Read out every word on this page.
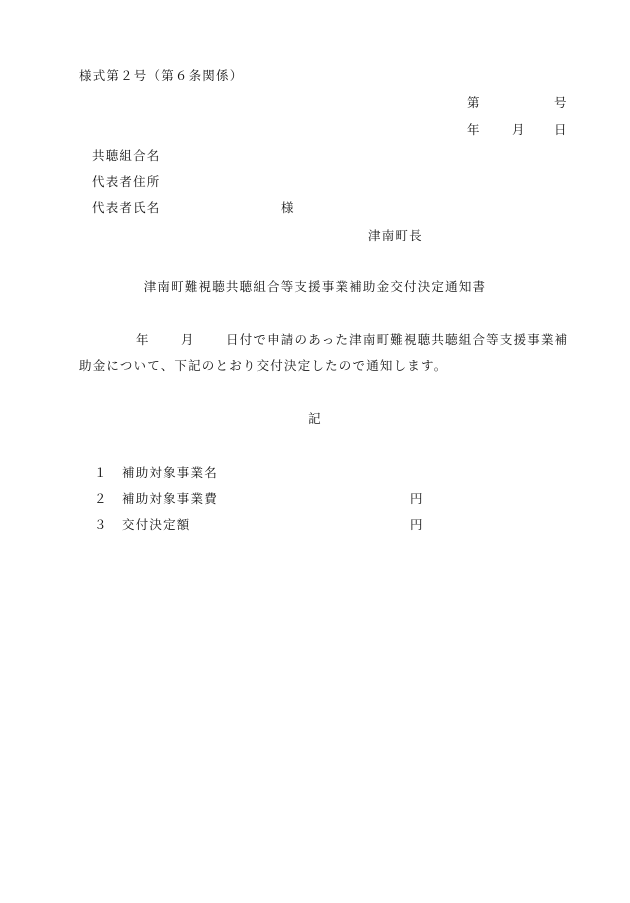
様式第２号（第６条関係）
第	号
年	月 日
共聴組合名
代表者住所
代表者氏名	様
津南町長
津南町難視聴共聴組合等支援事業補助金交付決定通知書
年	月	日付で申請のあった津南町難視聴共聴組合等支援事業補
助金について、下記のとおり交付決定したので通知します。
記
１ 補助対象事業名
２ 補助対象事業費	円
３ 交付決定額	円
